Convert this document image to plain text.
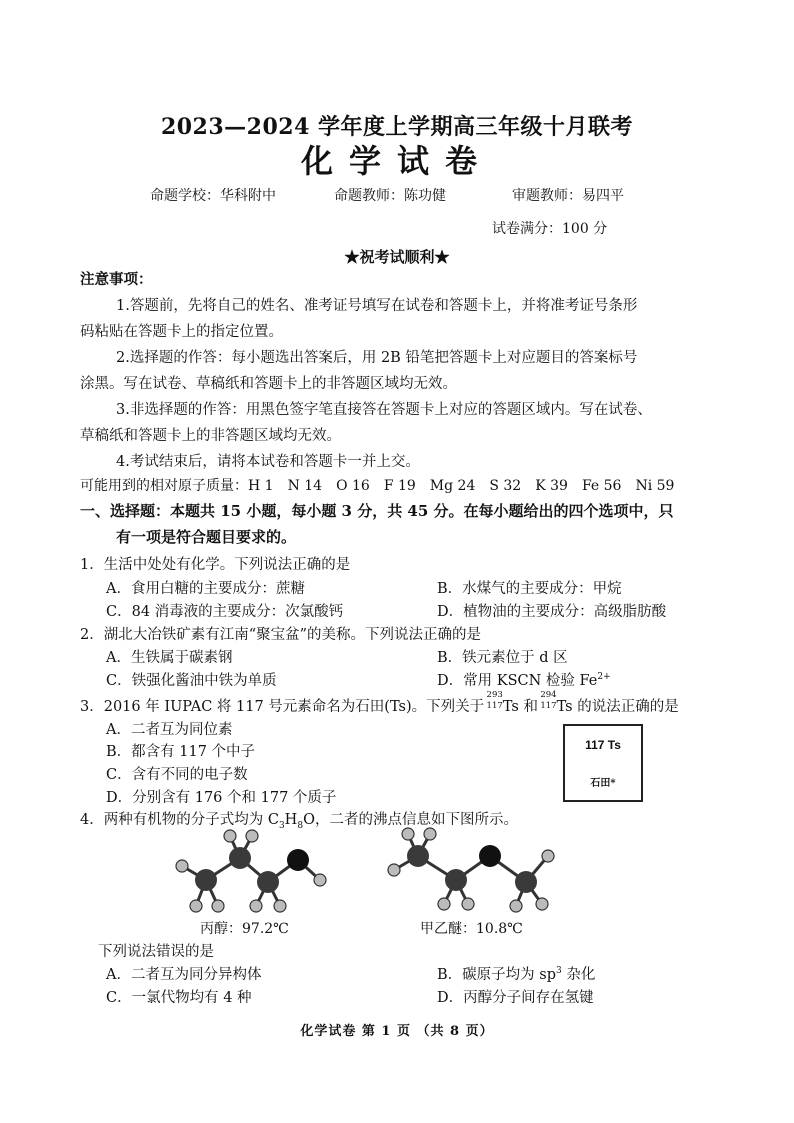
2023—2024 学年度上学期高三年级十月联考
化学试卷
命题学校：华科附中	命题教师：陈功健	审题教师：易四平
试卷满分：100 分
★祝考试顺利★
注意事项：
1.答题前，先将自己的姓名、准考证号填写在试卷和答题卡上，并将准考证号条形
码粘贴在答题卡上的指定位置。
2.选择题的作答：每小题选出答案后，用 2B 铅笔把答题卡上对应题目的答案标号
涂黑。写在试卷、草稿纸和答题卡上的非答题区域均无效。
3.非选择题的作答：用黑色签字笔直接答在答题卡上对应的答题区域内。写在试卷、
草稿纸和答题卡上的非答题区域均无效。
4.考试结束后，请将本试卷和答题卡一并上交。
可能用到的相对原子质量：H 1　N 14　O 16　F 19　Mg 24　S 32　K 39　Fe 56　Ni 59
一、选择题：本题共 15 小题，每小题 3 分，共 45 分。在每小题给出的四个选项中，只
有一项是符合题目要求的。
1．生活中处处有化学。下列说法正确的是
A．食用白糖的主要成分：蔗糖	B．水煤气的主要成分：甲烷
C．84 消毒液的主要成分：次氯酸钙	D．植物油的主要成分：高级脂肪酸
2．湖北大冶铁矿素有江南“聚宝盆”的美称。下列说法正确的是
A．生铁属于碳素钢	B．铁元素位于 d 区
C．铁强化酱油中铁为单质	D．常用 KSCN 检验 $Fe^{2+}$
3．2016 年 IUPAC 将 117 号元素命名为石田(Ts)。下列关于
293
117 Ts 和
294
117 Ts 的说法正确的是
A．二者互为同位素
B．都含有 117 个中子
C．含有不同的电子数
D．分别含有 176 个和 177 个质子
117 Ts
石田*
4．两种有机物的分子式均为 $C_3H_8O$，二者的沸点信息如下图所示。
丙醇：97.2℃	甲乙醚：10.8℃
下列说法错误的是
A．二者互为同分异构体	B．碳原子均为 $sp^3$ 杂化
C．一氯代物均有 4 种	D．丙醇分子间存在氢键
化学试卷 第 1 页 （共 8 页）
